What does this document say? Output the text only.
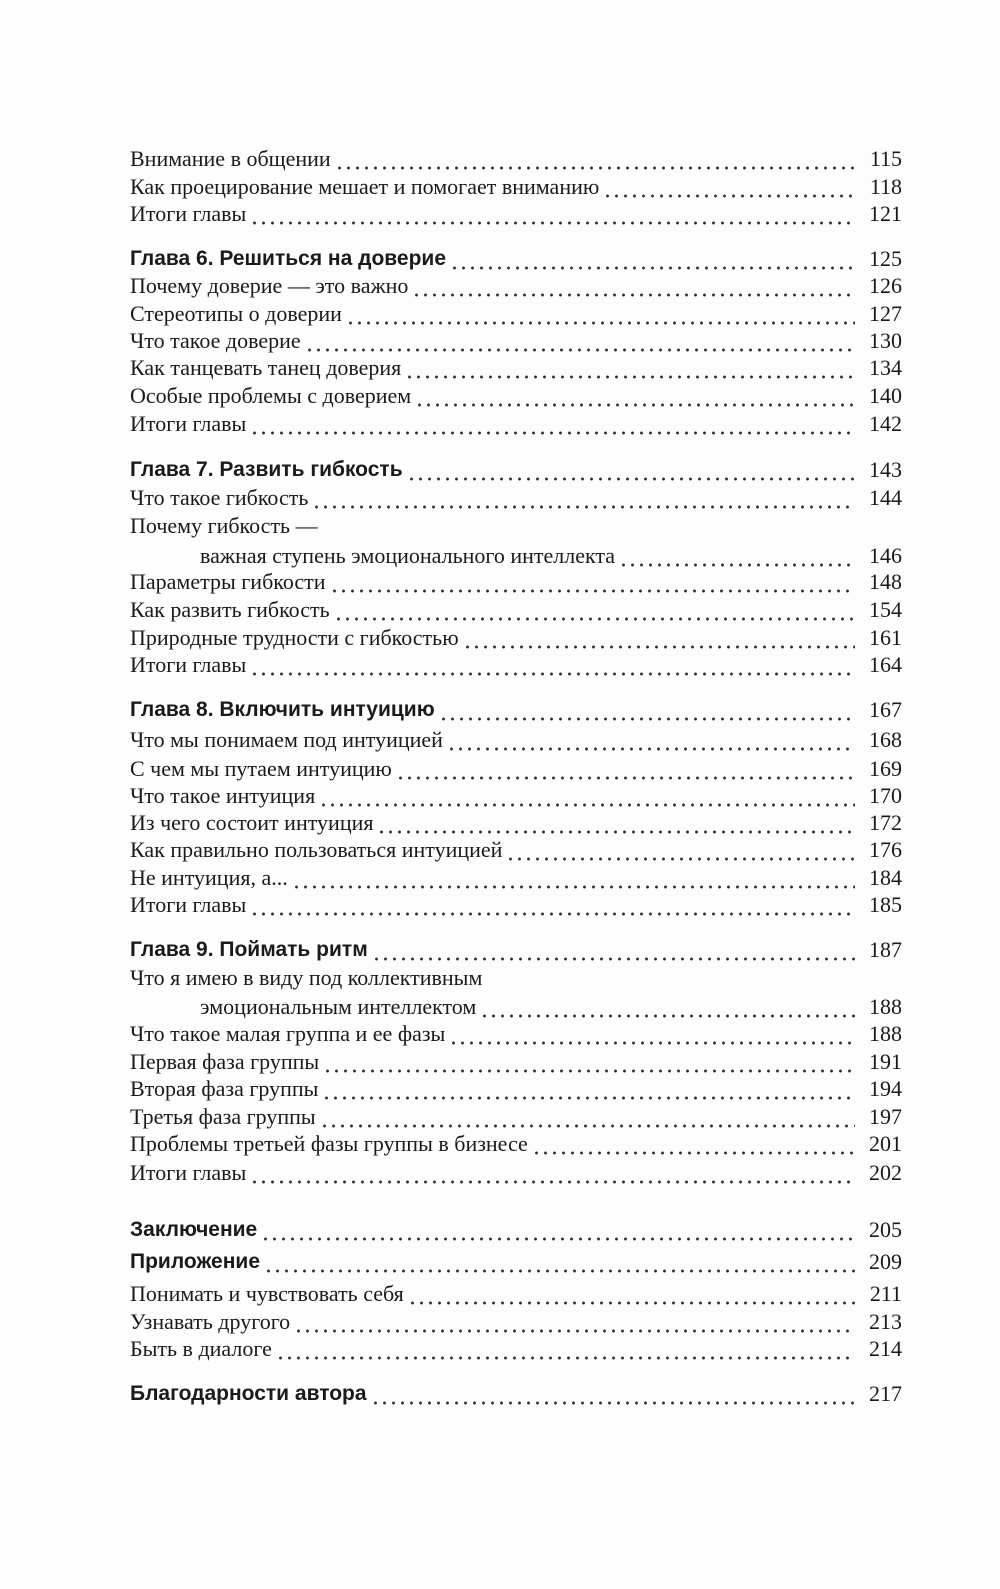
Внимание в общении	115
Как проецирование мешает и помогает вниманию	118
Итоги главы	121
Глава 6. Решиться на доверие	125
Почему доверие — это важно	126
Стереотипы о доверии	127
Что такое доверие	130
Как танцевать танец доверия	134
Особые проблемы с доверием	140
Итоги главы	142
Глава 7. Развить гибкость	143
Что такое гибкость	144
Почему гибкость —
важная ступень эмоционального интеллекта	146
Параметры гибкости	148
Как развить гибкость	154
Природные трудности с гибкостью	161
Итоги главы	164
Глава 8. Включить интуицию	167
Что мы понимаем под интуицией	168
С чем мы путаем интуицию	169
Что такое интуиция	170
Из чего состоит интуиция	172
Как правильно пользоваться интуицией	176
Не интуиция, а...	184
Итоги главы	185
Глава 9. Поймать ритм	187
Что я имею в виду под коллективным
эмоциональным интеллектом	188
Что такое малая группа и ее фазы	188
Первая фаза группы	191
Вторая фаза группы	194
Третья фаза группы	197
Проблемы третьей фазы группы в бизнесе	201
Итоги главы	202
Заключение	205
Приложение	209
Понимать и чувствовать себя	211
Узнавать другого	213
Быть в диалоге	214
Благодарности автора	217
